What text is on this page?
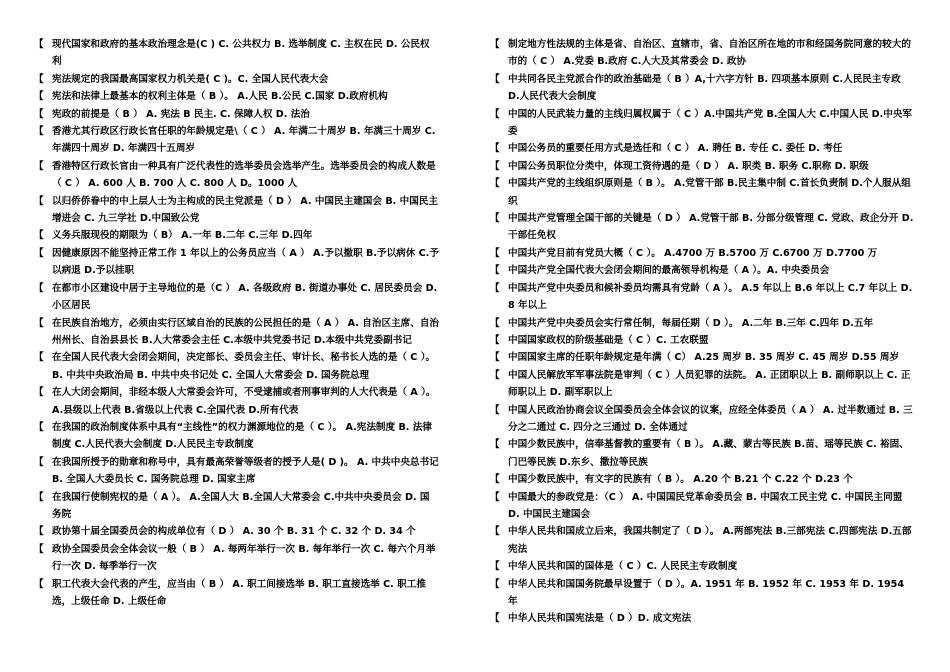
【 现代国家和政府的基本政治理念是(C ) C. 公共权力 B. 选举制度 C. 主权在民 D. 公民权利
【 宪法规定的我国最高国家权力机关是( C )。C. 全国人民代表大会
【 宪法和法律上最基本的权利主体是（ B ）。 A.人民 B.公民 C.国家 D.政府机构
【 宪政的前提是（ B ） A. 宪法 B 民主. C. 保障人权 D. 法治
【 香港尤其行政区行政长官任职的年龄规定是\（ C ） A. 年满二十周岁 B. 年满三十周岁 C. 年满四十周岁 D. 年满四十五周岁
【 香港特区行政长官由一种具有广泛代表性的选举委员会选举产生。选举委员会的构成人数是（ C ） A. 600 人 B. 700 人 C. 800 人 D。1000 人
【 以归侨侨眷中的中上层人士为主构成的民主党派是（ D ） A. 中国民主建国会 B. 中国民主增进会 C. 九三学社 D.中国致公党
【 义务兵服现役的期限为（ B） A.一年 B.二年 C.三年 D.四年
【 因健康原因不能坚持正常工作 1 年以上的公务员应当（ A ） A.予以撤职 B.予以病休 C.予以病退 D.予以挂职
【 在都市小区建设中居于主导地位的是（C ） A. 各级政府 B. 街道办事处 C. 居民委员会 D. 小区居民
【 在民族自治地方，必须由实行区域自治的民族的公民担任的是（ A ） A. 自治区主席、自治州州长、自治县县长 B.人大常委会主任 C.本级中共党委书记 D.本级中共党委副书记
【 在全国人民代表大会闭会期间，决定部长、委员会主任、审计长、秘书长人选的是（ C ）。B. 中共中央政治局 B. 中共中央书记处 C. 全国人大常委会 D. 国务院总理
【 在人大闭会期间，非经本级人大常委会许可，不受逮捕或者刑事审判的人大代表是（ A ）。A.县级以上代表 B.省级以上代表 C.全国代表 D.所有代表
【 在我国的政治制度体系中具有“主线性”的权力渊源地位的是（ C ）。 A.宪法制度 B. 法律制度 C.人民代表大会制度 D.人民民主专政制度
【 在我国所授予的勋章和称号中，具有最高荣誉等级者的授予人是( D )。 A. 中共中央总书记 B. 全国人大委员长 C. 国务院总理 D. 国家主席
【 在我国行使制宪权的是（ A ）。 A.全国人大 B.全国人大常委会 C.中共中央委员会 D. 国务院
【 政协第十届全国委员会的构成单位有（ D ） A. 30 个 B. 31 个 C. 32 个 D. 34 个
【 政协全国委员会全体会议一般（ B ） A. 每两年举行一次 B. 每年举行一次 C. 每六个月举行一次 D. 每季举行一次
【 职工代表大会代表的产生，应当由（ B ） A. 职工间接选举 B. 职工直接选举 C. 职工推选，上级任命 D. 上级任命
【 制定地方性法规的主体是省、自治区、直辖市，省、自治区所在地的市和经国务院同意的较大的市的（ C ） A.党委 B.政府 C.人大及其常委会 D. 政协
【 中共同各民主党派合作的政治基础是（ B ）A,十六字方针 B. 四项基本原则 C.人民民主专政 D.人民代表大会制度
【 中国的人民武装力量的主线归属权属于（ C ）A.中国共产党 B.全国人大 C.中国人民 D.中央军委
【 中国公务员的重要任用方式是选任和（ C ） A. 聘任 B. 专任 C. 委任 D. 考任
【 中国公务员职位分类中，体现工资待遇的是（ D ） A. 职类 B. 职务 C.职称 D. 职级
【 中国共产党的主线组织原则是（ B ）。 A.党管干部 B.民主集中制 C.首长负责制 D.个人服从组织
【 中国共产党管理全国干部的关键是（ D ） A.党管干部 B. 分部分级管理 C. 党政、政企分开 D. 干部任免权
【 中国共产党目前有党员大概（ C ）。 A.4700 万 B.5700 万 C.6700 万 D.7700 万
【 中国共产党全国代表大会闭会期间的最高领导机构是（ A ）。A. 中央委员会
【 中国共产党中央委员和候补委员均需具有党龄（ A ）。 A.5 年以上 B.6 年以上 C.7 年以上 D.8 年以上
【 中国共产党中央委员会实行常任制，每届任期（ D ）。 A.二年 B.三年 C.四年 D.五年
【 中国国家政权的阶级基础是（ C ）C. 工农联盟
【 中国国家主席的任职年龄规定是年满（ C） A.25 周岁 B. 35 周岁 C. 45 周岁 D.55 周岁
【 中国人民解放军军事法院是审判（ C ）人员犯罪的法院。 A. 正团职以上 B. 副师职以上 C. 正师职以上 D. 副军职以上
【 中国人民政治协商会议全国委员会全体会议的议案，应经全体委员（ A ） A. 过半数通过 B. 三分之二通过 C. 四分之三通过 D. 全体通过
【 中国少数民族中，信奉基督教的重要有（ B ）。 A.藏、蒙古等民族 B.苗、瑶等民族 C. 裕固、门巴等民族 D.东乡、撒拉等民族
【 中国少数民族中，有文字的民族有（ B ）。 A.20 个 B.21 个 C.22 个 D.23 个
【 中国最大的参政党是：（C ） A. 中国国民党革命委员会 B. 中国农工民主党 C. 中国民主同盟 D. 中国民主建国会
【 中华人民共和国成立后来，我国共制定了（ D ）。 A.两部宪法 B.三部宪法 C.四部宪法 D.五部宪法
【 中华人民共和国的国体是（ C ）C. 人民民主专政制度
【 中华人民共和国国务院最早设置于（ D ）。A. 1951 年 B. 1952 年 C. 1953 年 D. 1954 年
【 中华人民共和国宪法是（ D ）D. 成文宪法
